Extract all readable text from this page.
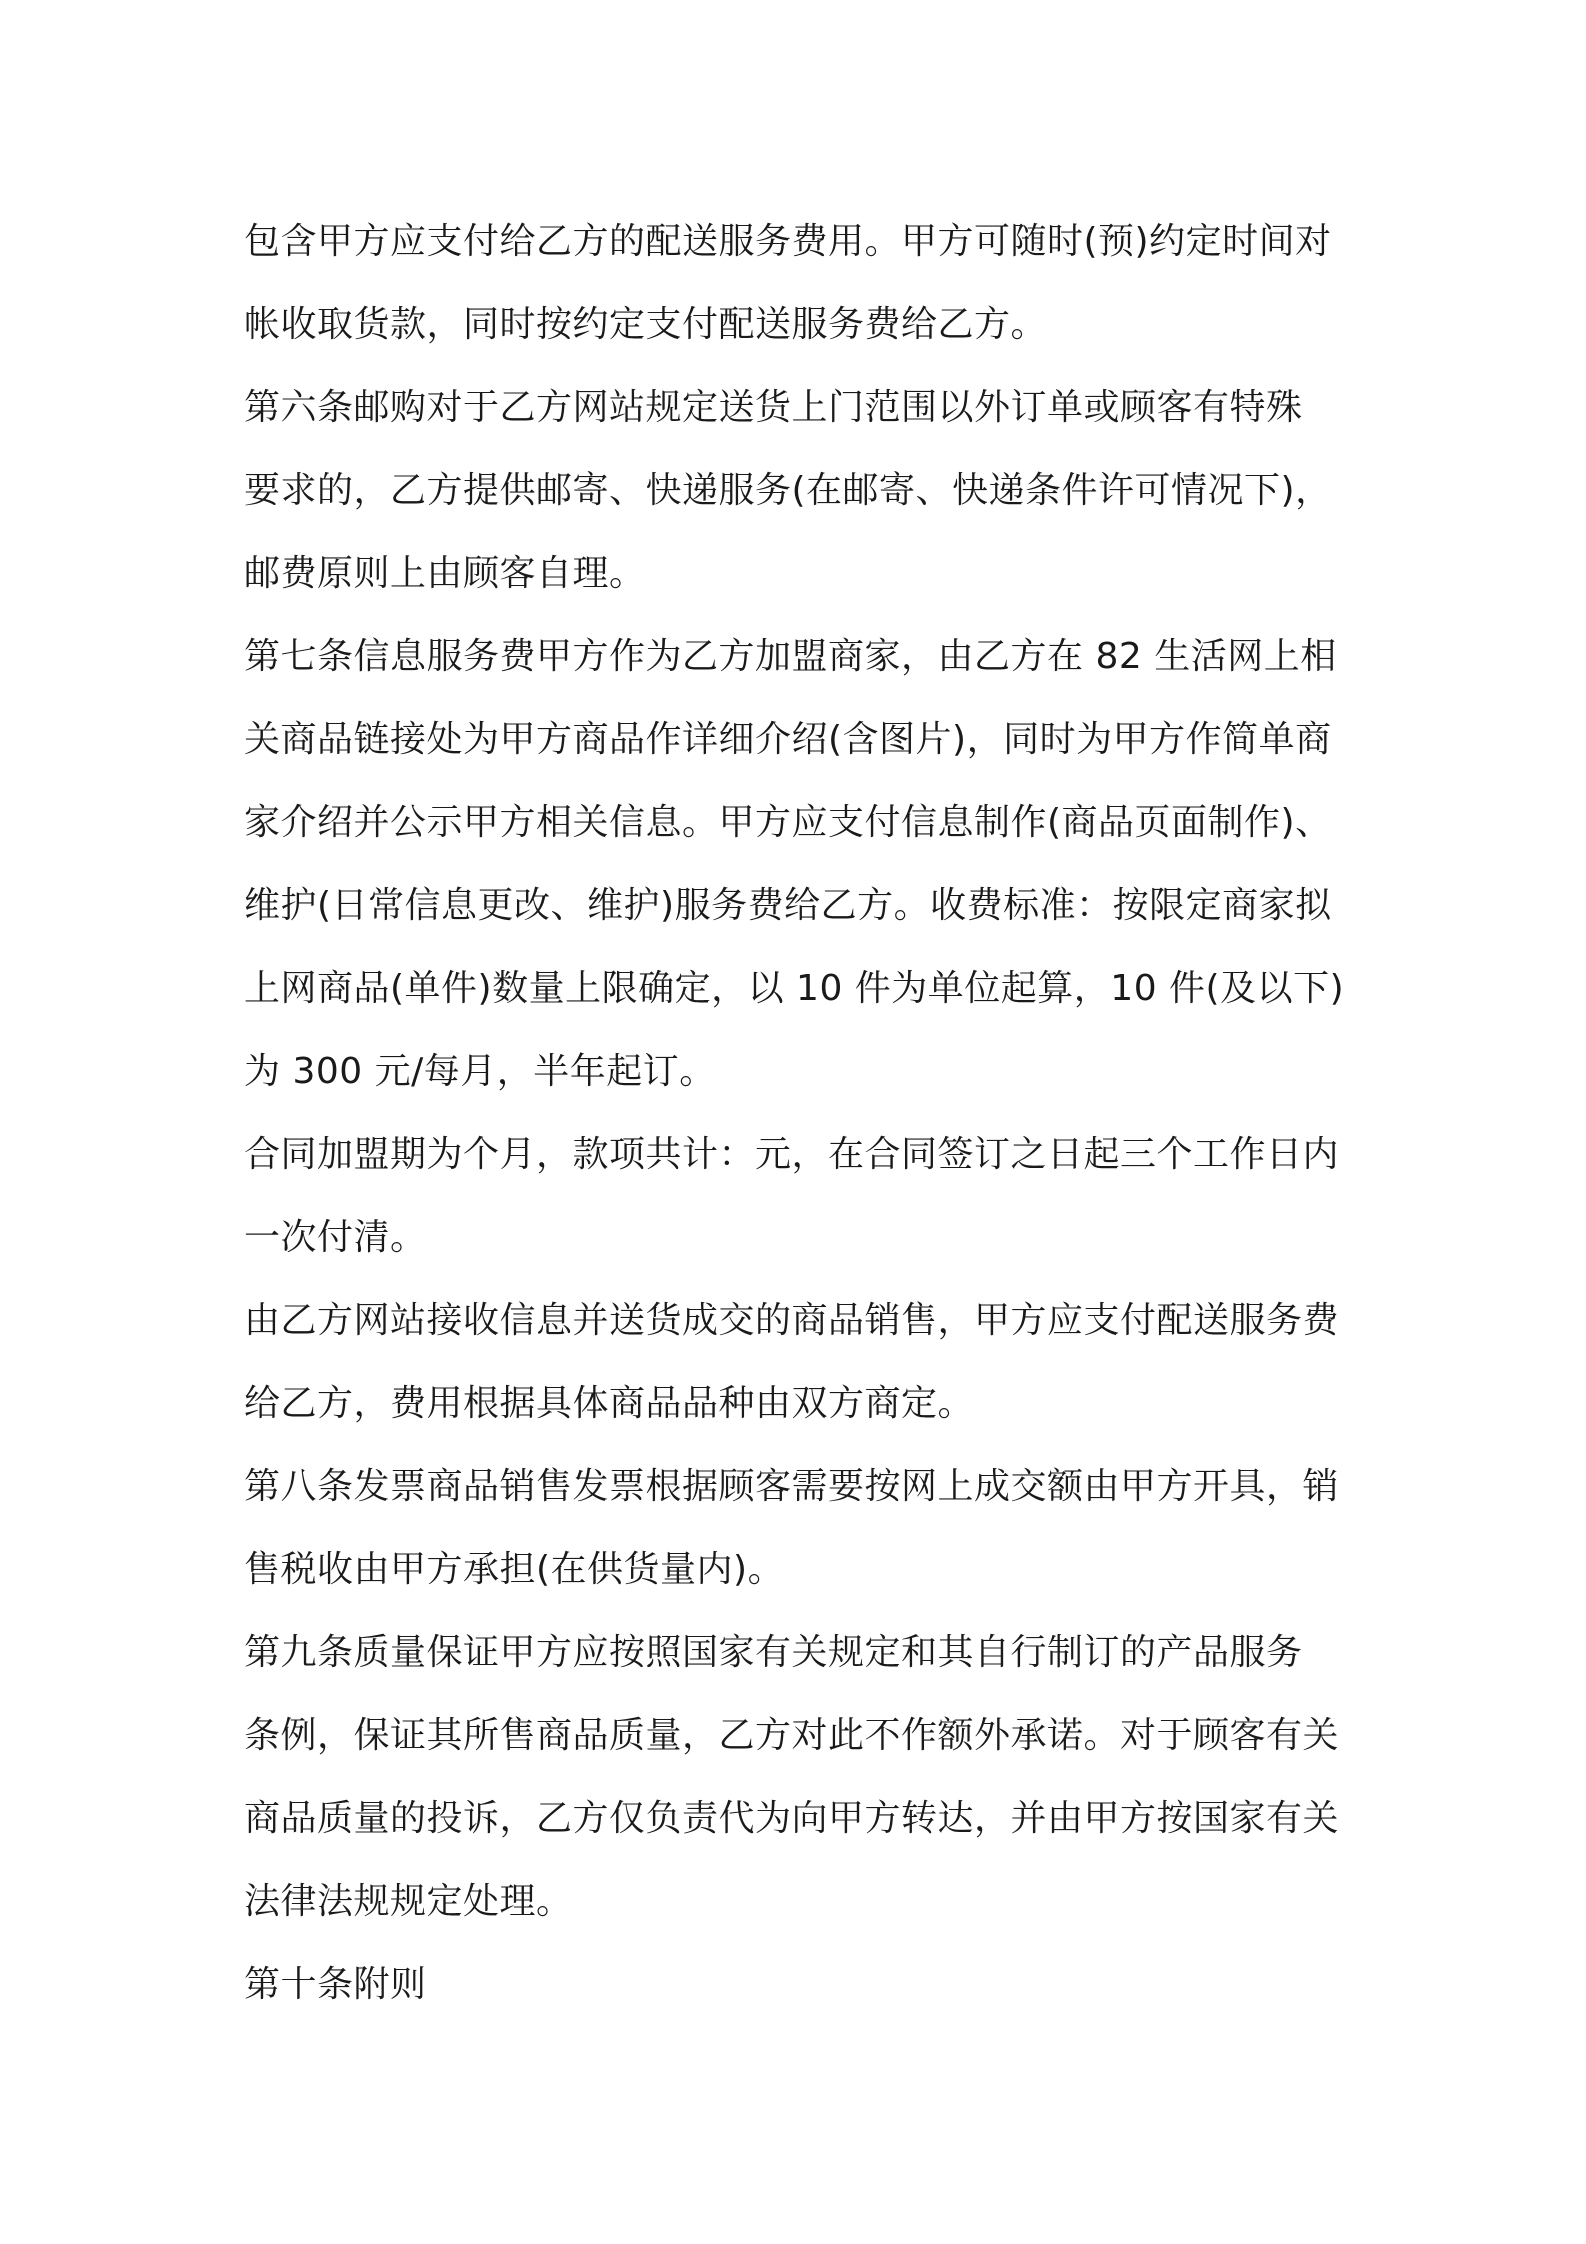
包含甲方应支付给乙方的配送服务费用。甲方可随时(预)约定时间对
帐收取货款，同时按约定支付配送服务费给乙方。

第六条邮购对于乙方网站规定送货上门范围以外订单或顾客有特殊
要求的，乙方提供邮寄、快递服务(在邮寄、快递条件许可情况下)，
邮费原则上由顾客自理。

第七条信息服务费甲方作为乙方加盟商家，由乙方在 82 生活网上相
关商品链接处为甲方商品作详细介绍(含图片)，同时为甲方作简单商
家介绍并公示甲方相关信息。甲方应支付信息制作(商品页面制作)、
维护(日常信息更改、维护)服务费给乙方。收费标准：按限定商家拟
上网商品(单件)数量上限确定，以 10 件为单位起算，10 件(及以下)
为 300 元/每月，半年起订。

合同加盟期为个月，款项共计：元，在合同签订之日起三个工作日内
一次付清。

由乙方网站接收信息并送货成交的商品销售，甲方应支付配送服务费
给乙方，费用根据具体商品品种由双方商定。

第八条发票商品销售发票根据顾客需要按网上成交额由甲方开具，销
售税收由甲方承担(在供货量内)。

第九条质量保证甲方应按照国家有关规定和其自行制订的产品服务
条例，保证其所售商品质量，乙方对此不作额外承诺。对于顾客有关
商品质量的投诉，乙方仅负责代为向甲方转达，并由甲方按国家有关
法律法规规定处理。

第十条附则
